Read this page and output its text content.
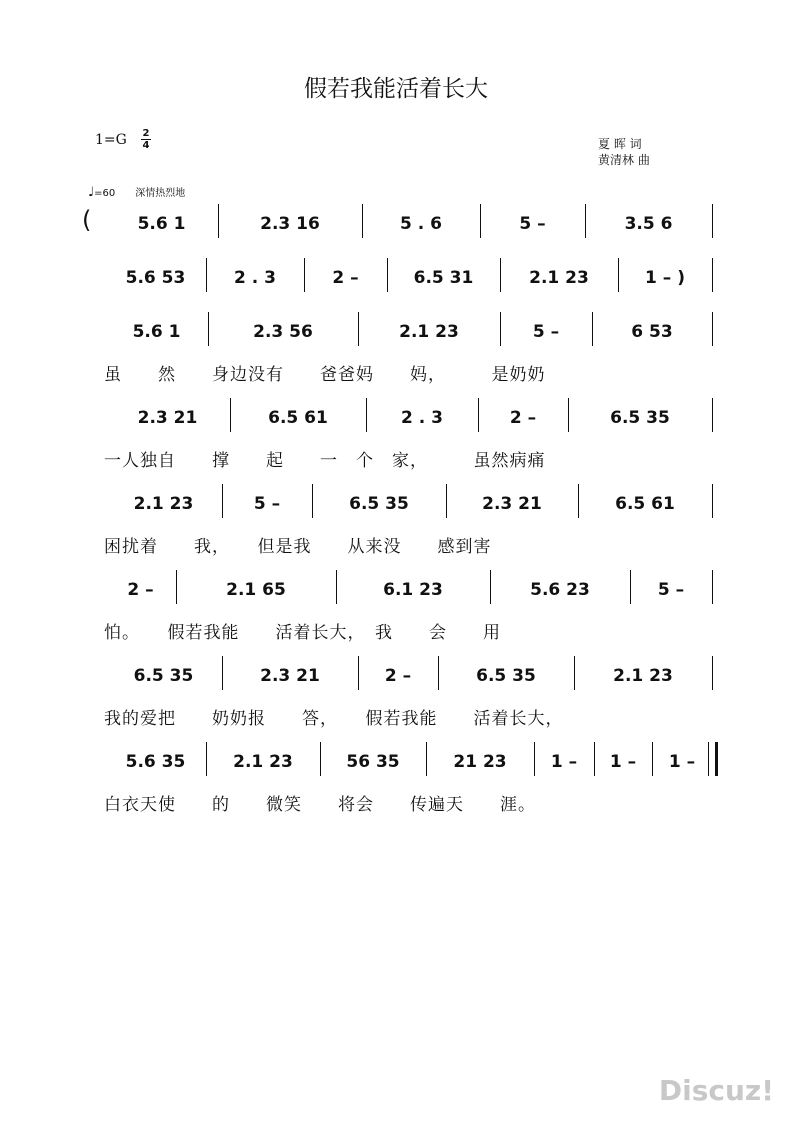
假若我能活着长大
1=G 2
4	夏 晖 词
黄清林 曲
♩=60 深情热烈地
5.6 1	2.3 16	5 . 6	5 –	3.5 6
5.6 53	2 . 3	2 –	6.5 31	2.1 23	1 – )
5.6 1	2.3 56	2.1 23	5 –	6 53
虽　　然　　身边没有　　爸爸妈　　妈，　　　是奶奶
2.3 21	6.5 61	2 . 3	2 –	6.5 35
一人独自　　撑　　起　　一　个　家，　　　虽然病痛
2.1 23	5 –	6.5 35	2.3 21	6.5 61
困扰着　　我，　　但是我　　从来没　　感到害
2 –	2.1 65	6.1 23	5.6 23	5 –
怕。　　假若我能　　活着长大，　我　　会　　用
6.5 35	2.3 21	2 –	6.5 35	2.1 23
我的爱把　　奶奶报　　答，　　假若我能　　活着长大，
5.6 35	2.1 23	56 35	21 23	1 –	1 –	1 –
白衣天使　　的　　微笑　　将会　　传遍天　　涯。
(
Discuz!
